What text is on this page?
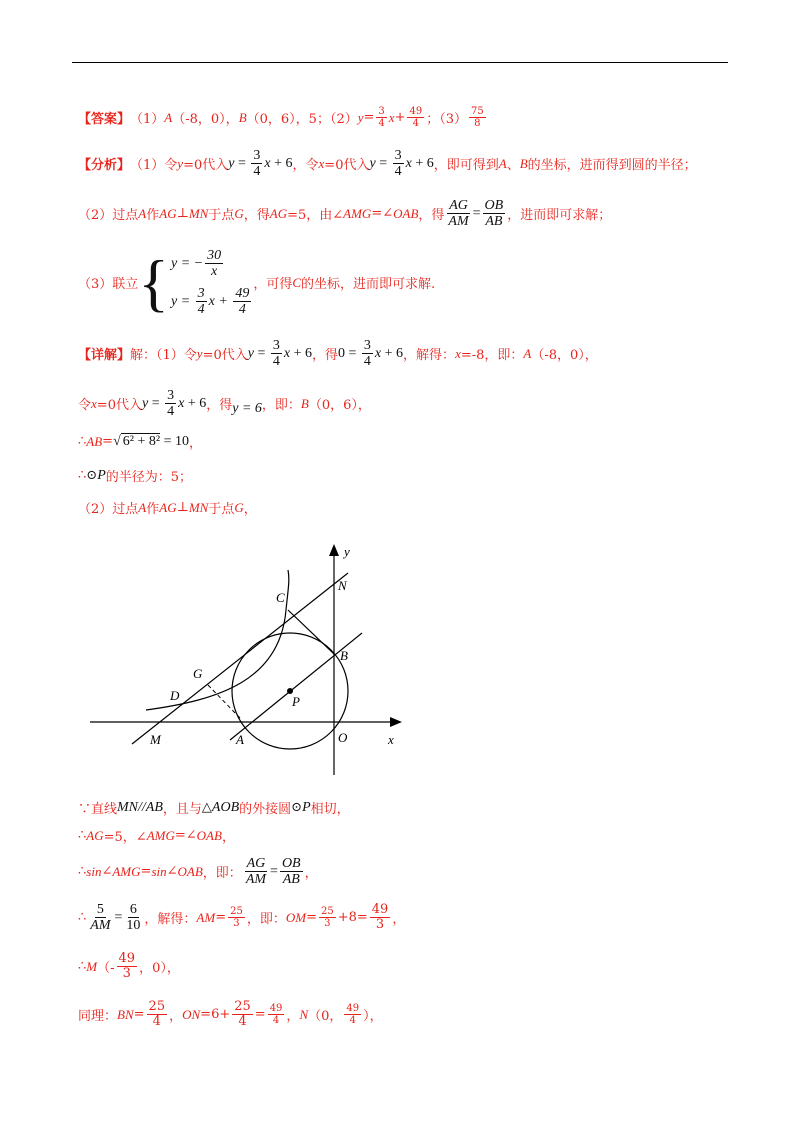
【答案】 （1） A （-8，0）， B （0，6），5；（2） $y = \frac{3}{4}$ $x + \frac{49}{4}$ ；$(3) \frac{75}{8}$
【分析】 （1）令 y =0代入 $y = \frac{3}{4}$ x + 6 ，令 x =0代入 $y = \frac{3}{4}$ x + 6 ，即可得到 A 、 B 的坐标，进而得到圆的半径；
（2）过点 A 作 AG ⊥ MN 于点 G ，得 AG =5，由∠ AMG =∠ OAB ，得 $\frac{AG}{AM} = \frac{OB}{AB}$ ，进而即可求解；
（3）联立 { y = − $\frac{30}{x}$
$y = \frac{3}{4}$ $x + \frac{49}{4}$
，可得 C 的坐标，进而即可求解.
【详解】 解：（1）令 y =0代入 $y = \frac{3}{4}$ x + 6 ，得 $0 = \frac{3}{4}$ x + 6 ，解得： x =-8，即： A （-8，0），
令 x =0代入 $y = \frac{3}{4}$ x + 6 ，得 y = 6 ，即： B （0，6），
∴ AB = √ 6² + 8² = 10 ，
∴ ⊙ P 的半径为：5；
（2）过点 A 作 AG ⊥ MN 于点 G ，
y
x
N
C
B
G
D	P
M	A	O
∵直线 MN // AB ，且与 △ AOB 的外接圆 ⊙ P 相切，
∴ AG =5，∠ AMG =∠ OAB ，
∴ sin ∠ AMG = sin ∠ OAB ，即： $\frac{AG}{AM} = \frac{OB}{AB}$ ，
∴ $\frac{5}{AM} = \frac{6}{10}$ ，解得： AM = $\frac{25}{3}$ ，即： OM = $\frac{25}{3} +8= \frac{49}{3}$ ，
∴ M （- $\frac{49}{3}$ ，0），
同理： BN = $\frac{25}{4}$ ， ON $=6+ \frac{25}{4} = \frac{49}{4}$ ， N （0， $\frac{49}{4}$ ），
